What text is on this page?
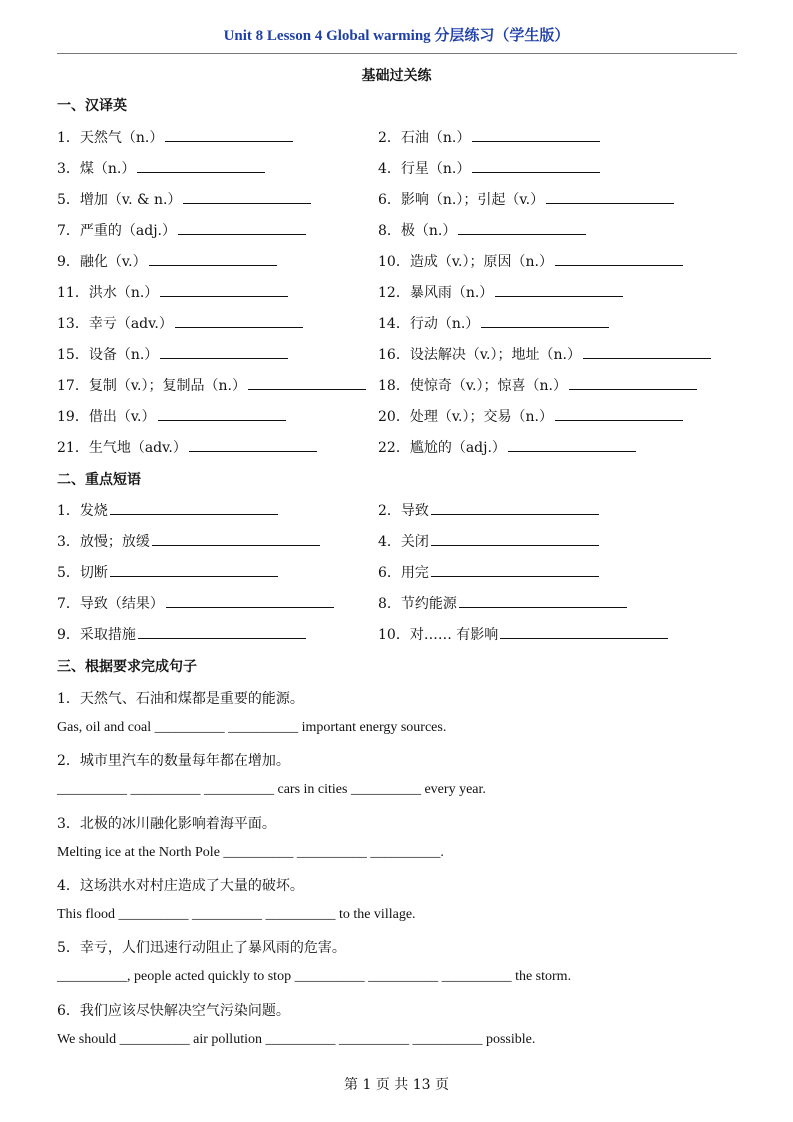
Unit 8 Lesson 4 Global warming 分层练习（学生版）
基础过关练
一、汉译英
1．天然气（n.）	2．石油（n.）
3．煤（n.）	4．行星（n.）
5．增加（v. & n.）	6．影响（n.）；引起（v.）
7．严重的（adj.）	8．极（n.）
9．融化（v.）	10．造成（v.）；原因（n.）
11．洪水（n.）	12．暴风雨（n.）
13．幸亏（adv.）	14．行动（n.）
15．设备（n.）	16．设法解决（v.）；地址（n.）
17．复制（v.）；复制品（n.）	18．使惊奇（v.）；惊喜（n.）
19．借出（v.）	20．处理（v.）；交易（n.）
21．生气地（adv.）	22．尴尬的（adj.）
二、重点短语
1．发烧	2．导致
3．放慢；放缓	4．关闭
5．切断	6．用完
7．导致（结果）	8．节约能源
9．采取措施	10．对…… 有影响
三、根据要求完成句子
1．天然气、石油和煤都是重要的能源。
Gas, oil and coal __________ __________ important energy sources.
2．城市里汽车的数量每年都在增加。
__________ __________ __________ cars in cities __________ every year.
3．北极的冰川融化影响着海平面。
Melting ice at the North Pole __________ __________ __________.
4．这场洪水对村庄造成了大量的破坏。
This flood __________ __________ __________ to the village.
5．幸亏，人们迅速行动阻止了暴风雨的危害。
__________, people acted quickly to stop __________ __________ __________ the storm.
6．我们应该尽快解决空气污染问题。
We should __________ air pollution __________ __________ __________ possible.
第 1 页 共 13 页
